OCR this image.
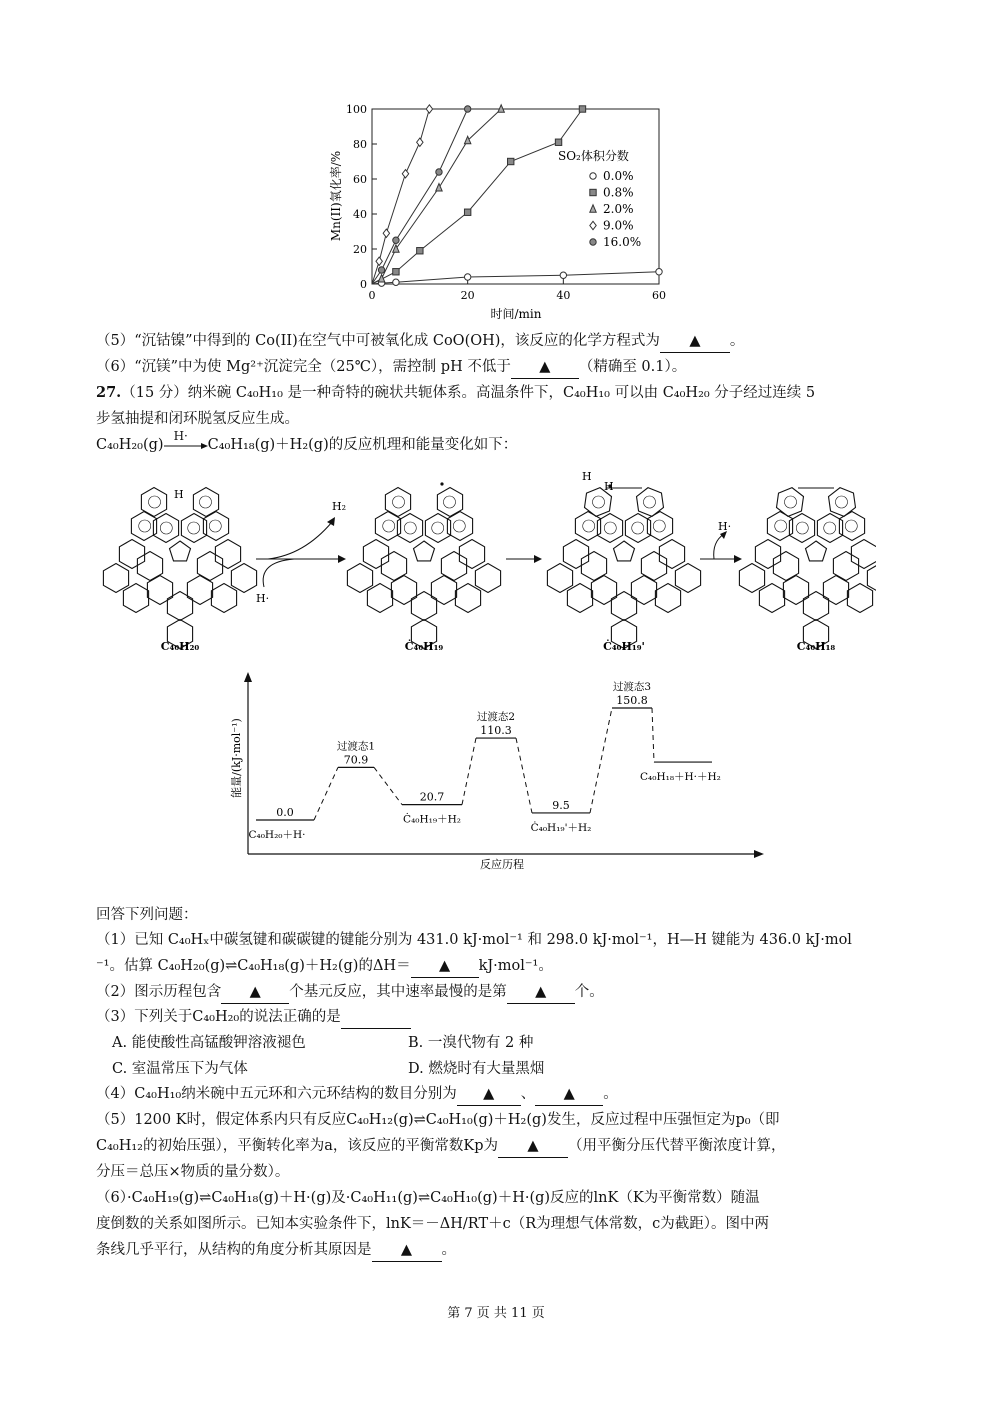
0
20
40
60
80
100
0	20	40	60
Mn(II)氧化率/%
时间/min
SO₂体积分数
0.0%
0.8%
2.0%
9.0%
16.0%
（5）“沉钴镍”中得到的 Co(II)在空气中可被氧化成 CoO(OH)，该反应的化学方程式为 ▲ 。
（6）“沉镁”中为使 Mg²⁺沉淀完全（25℃），需控制 pH 不低于 ▲ （精确至 0.1）。
27.（15 分）纳米碗 C₄₀H₁₀ 是一种奇特的碗状共轭体系。高温条件下，C₄₀H₁₀ 可以由 C₄₀H₂₀ 分子经过连续 5
步氢抽提和闭环脱氢反应生成。
C₄₀H₂₀(g)
H·
C₄₀H₁₈(g)＋H₂(g)的反应机理和能量变化如下：
H₂
H·
H·
H
H
H
C₄₀H₂₀	Ċ₄₀H₁₉	Ċ₄₀H₁₉'	C₄₀H₁₈
能量/(kJ·mol⁻¹)
反应历程
0.0
C₄₀H₂₀＋H·
70.9
过渡态1
20.7
Ċ₄₀H₁₉＋H₂
110.3
过渡态2
9.5
Ċ₄₀H₁₉'＋H₂
150.8
过渡态3
C₄₀H₁₈＋H·＋H₂
回答下列问题：
（1）已知 C₄₀Hₓ中碳氢键和碳碳键的键能分别为 431.0 kJ·mol⁻¹ 和 298.0 kJ·mol⁻¹，H—H 键能为 436.0 kJ·mol
⁻¹。估算 C₄₀H₂₀(g)⇌C₄₀H₁₈(g)＋H₂(g)的ΔH＝ ▲ kJ·mol⁻¹。
（2）图示历程包含 ▲ 个基元反应，其中速率最慢的是第 ▲ 个。
（3）下列关于C₄₀H₂₀的说法正确的是
A. 能使酸性高锰酸钾溶液褪色	B. 一溴代物有 2 种
C. 室温常压下为气体	D. 燃烧时有大量黑烟
（4）C₄₀H₁₀纳米碗中五元环和六元环结构的数目分别为 ▲ 、 ▲ 。
（5）1200 K时，假定体系内只有反应C₄₀H₁₂(g)⇌C₄₀H₁₀(g)＋H₂(g)发生，反应过程中压强恒定为p₀（即
C₄₀H₁₂的初始压强），平衡转化率为a，该反应的平衡常数Kp为 ▲ （用平衡分压代替平衡浓度计算，
分压＝总压×物质的量分数）。
（6）·C₄₀H₁₉(g)⇌C₄₀H₁₈(g)＋H·(g)及·C₄₀H₁₁(g)⇌C₄₀H₁₀(g)＋H·(g)反应的lnK（K为平衡常数）随温
度倒数的关系如图所示。已知本实验条件下，lnK＝－ΔH/RT＋c（R为理想气体常数，c为截距）。图中两
条线几乎平行，从结构的角度分析其原因是 ▲ 。
第 7 页 共 11 页
